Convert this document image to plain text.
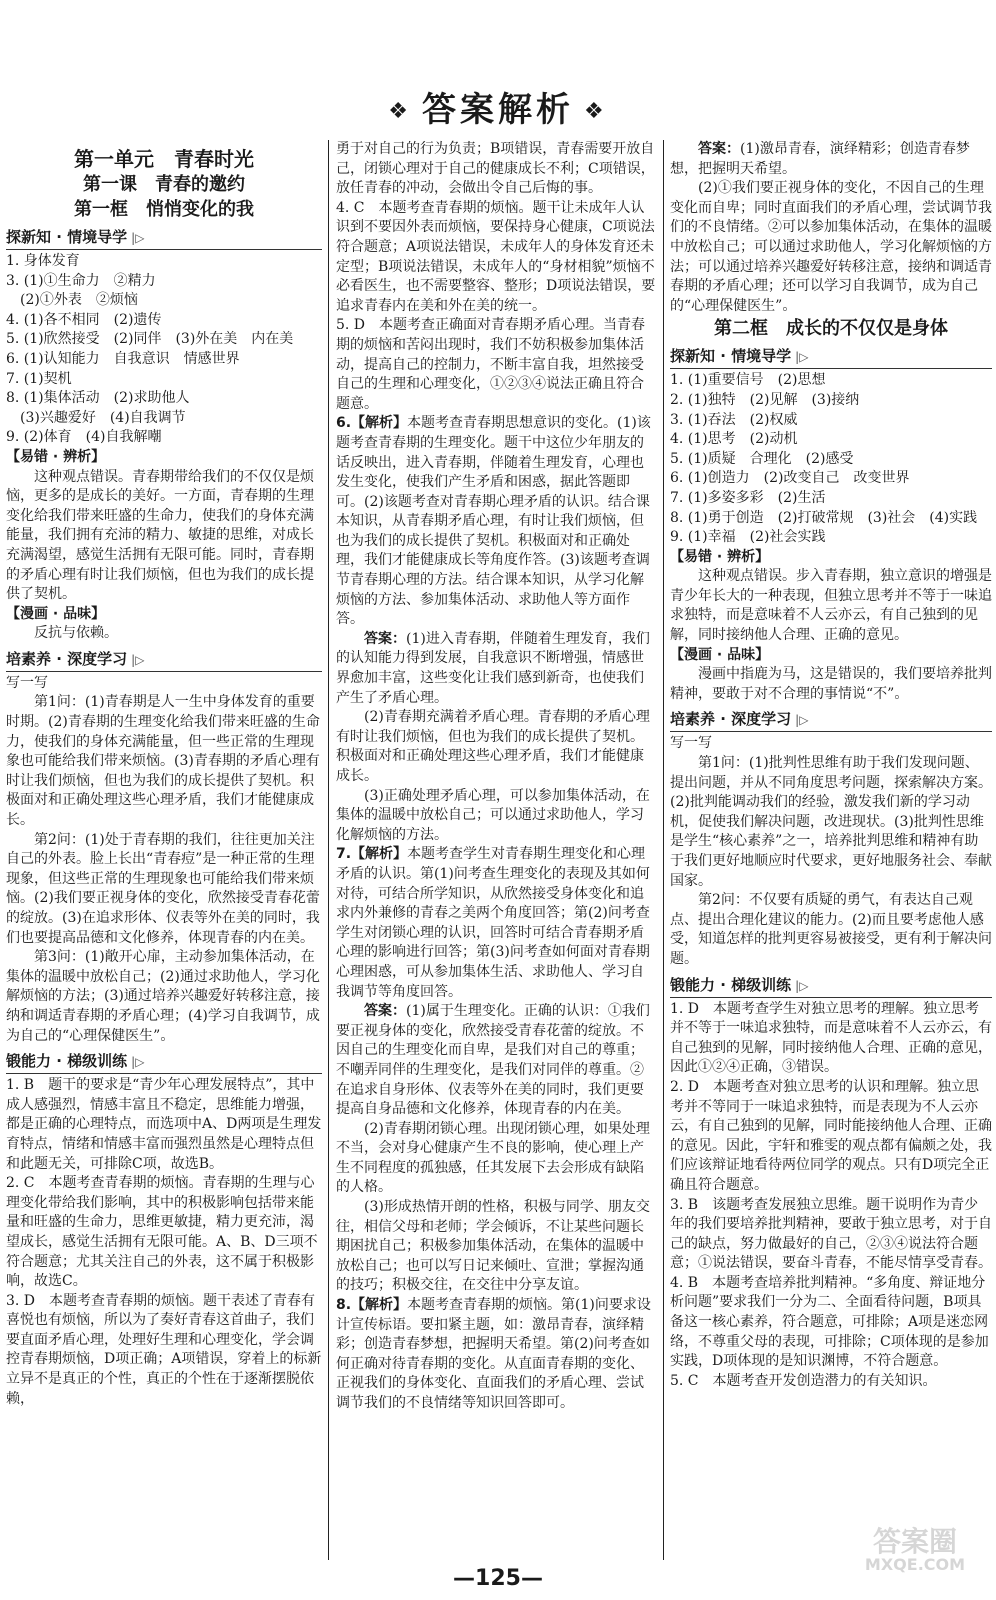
❖ 答案解析 ❖
第一单元　青春时光
第一课　青春的邀约
第一框　悄悄变化的我
探新知 · 情境导学 |▷
1. 身体发育
3. (1)①生命力　②精力
　(2)①外表　②烦恼
4. (1)各不相同　(2)遗传
5. (1)欣然接受　(2)同伴　(3)外在美　内在美
6. (1)认知能力　自我意识　情感世界
7. (1)契机
8. (1)集体活动　(2)求助他人
　(3)兴趣爱好　(4)自我调节
9. (2)体育　(4)自我解嘲
【易错 · 辨析】
这种观点错误。青春期带给我们的不仅仅是烦恼，更多的是成长的美好。一方面，青春期的生理变化给我们带来旺盛的生命力，使我们的身体充满能量，我们拥有充沛的精力、敏捷的思维，对成长充满渴望，感觉生活拥有无限可能。同时，青春期的矛盾心理有时让我们烦恼，但也为我们的成长提供了契机。
【漫画 · 品味】
反抗与依赖。
培素养 · 深度学习 |▷
写一写
第1问：(1)青春期是人一生中身体发育的重要时期。(2)青春期的生理变化给我们带来旺盛的生命力，使我们的身体充满能量，但一些正常的生理现象也可能给我们带来烦恼。(3)青春期的矛盾心理有时让我们烦恼，但也为我们的成长提供了契机。积极面对和正确处理这些心理矛盾，我们才能健康成长。
第2问：(1)处于青春期的我们，往往更加关注自己的外表。脸上长出“青春痘”是一种正常的生理现象，但这些正常的生理现象也可能给我们带来烦恼。(2)我们要正视身体的变化，欣然接受青春花蕾的绽放。(3)在追求形体、仪表等外在美的同时，我们也要提高品德和文化修养，体现青春的内在美。
第3问：(1)敞开心扉，主动参加集体活动，在集体的温暖中放松自己；(2)通过求助他人，学习化解烦恼的方法；(3)通过培养兴趣爱好转移注意，接纳和调适青春期的矛盾心理；(4)学习自我调节，成为自己的“心理保健医生”。
锻能力 · 梯级训练 |▷
1. B　题干的要求是“青少年心理发展特点”，其中成人感强烈，情感丰富且不稳定，思维能力增强，都是正确的心理特点，而选项中A、D两项是生理发育特点，情绪和情感丰富而强烈虽然是心理特点但和此题无关，可排除C项，故选B。
2. C　本题考查青春期的烦恼。青春期的生理与心理变化带给我们影响，其中的积极影响包括带来能量和旺盛的生命力，思维更敏捷，精力更充沛，渴望成长，感觉生活拥有无限可能。A、B、D三项不符合题意；尤其关注自己的外表，这不属于积极影响，故选C。
3. D　本题考查青春期的烦恼。题干表述了青春有喜悦也有烦恼，所以为了奏好青春这首曲子，我们要直面矛盾心理，处理好生理和心理变化，学会调控青春期烦恼，D项正确；A项错误，穿着上的标新立异不是真正的个性，真正的个性在于逐渐摆脱依赖，
勇于对自己的行为负责；B项错误，青春需要开放自己，闭锁心理对于自己的健康成长不利；C项错误，放任青春的冲动，会做出令自己后悔的事。
4. C　本题考查青春期的烦恼。题干让未成年人认识到不要因外表而烦恼，要保持身心健康，C项说法符合题意；A项说法错误，未成年人的身体发育还未定型；B项说法错误，未成年人的“身材相貌”烦恼不必看医生，也不需要整容、整形；D项说法错误，要追求青春内在美和外在美的统一。
5. D　本题考查正确面对青春期矛盾心理。当青春期的烦恼和苦闷出现时，我们不妨积极参加集体活动，提高自己的控制力，不断丰富自我，坦然接受自己的生理和心理变化，①②③④说法正确且符合题意。
6.【解析】本题考查青春期思想意识的变化。(1)该题考查青春期的生理变化。题干中这位少年朋友的话反映出，进入青春期，伴随着生理发育，心理也发生变化，使我们产生矛盾和困惑，据此答题即可。(2)该题考查对青春期心理矛盾的认识。结合课本知识，从青春期矛盾心理，有时让我们烦恼，但也为我们的成长提供了契机。积极面对和正确处理，我们才能健康成长等角度作答。(3)该题考查调节青春期心理的方法。结合课本知识，从学习化解烦恼的方法、参加集体活动、求助他人等方面作答。
答案：(1)进入青春期，伴随着生理发育，我们的认知能力得到发展，自我意识不断增强，情感世界愈加丰富，这些变化让我们感到新奇，也使我们产生了矛盾心理。
(2)青春期充满着矛盾心理。青春期的矛盾心理有时让我们烦恼，但也为我们的成长提供了契机。积极面对和正确处理这些心理矛盾，我们才能健康成长。
(3)正确处理矛盾心理，可以参加集体活动，在集体的温暖中放松自己；可以通过求助他人，学习化解烦恼的方法。
7.【解析】本题考查学生对青春期生理变化和心理矛盾的认识。第(1)问考查生理变化的表现及其如何对待，可结合所学知识，从欣然接受身体变化和追求内外兼修的青春之美两个角度回答；第(2)问考查学生对闭锁心理的认识，回答时可结合青春期矛盾心理的影响进行回答；第(3)问考查如何面对青春期心理困惑，可从参加集体生活、求助他人、学习自我调节等角度回答。
答案：(1)属于生理变化。正确的认识：①我们要正视身体的变化，欣然接受青春花蕾的绽放。不因自己的生理变化而自卑，是我们对自己的尊重；不嘲弄同伴的生理变化，是我们对同伴的尊重。②在追求自身形体、仪表等外在美的同时，我们更要提高自身品德和文化修养，体现青春的内在美。
(2)青春期闭锁心理。出现闭锁心理，如果处理不当，会对身心健康产生不良的影响，使心理上产生不同程度的孤独感，任其发展下去会形成有缺陷的人格。
(3)形成热情开朗的性格，积极与同学、朋友交往，相信父母和老师；学会倾诉，不让某些问题长期困扰自己；积极参加集体活动，在集体的温暖中放松自己；也可以写日记来倾吐、宣泄；掌握沟通的技巧；积极交往，在交往中分享友谊。
8.【解析】本题考查青春期的烦恼。第(1)问要求设计宣传标语。要扣紧主题，如：激昂青春，演绎精彩；创造青春梦想，把握明天希望。第(2)问考查如何正确对待青春期的变化。从直面青春期的变化、正视我们的身体变化、直面我们的矛盾心理、尝试调节我们的不良情绪等知识回答即可。
答案：(1)激昂青春，演绎精彩；创造青春梦想，把握明天希望。
(2)①我们要正视身体的变化，不因自己的生理变化而自卑；同时直面我们的矛盾心理，尝试调节我们的不良情绪。②可以参加集体活动，在集体的温暖中放松自己；可以通过求助他人，学习化解烦恼的方法；可以通过培养兴趣爱好转移注意，接纳和调适青春期的矛盾心理；还可以学习自我调节，成为自己的“心理保健医生”。
第二框　成长的不仅仅是身体
探新知 · 情境导学 |▷
1. (1)重要信号　(2)思想
2. (1)独特　(2)见解　(3)接纳
3. (1)吞法　(2)权威
4. (1)思考　(2)动机
5. (1)质疑　合理化　(2)感受
6. (1)创造力　(2)改变自己　改变世界
7. (1)多姿多彩　(2)生活
8. (1)勇于创造　(2)打破常规　(3)社会　(4)实践
9. (1)幸福　(2)社会实践
【易错 · 辨析】
这种观点错误。步入青春期，独立意识的增强是青少年长大的一种表现，但独立思考并不等于一味追求独特，而是意味着不人云亦云，有自己独到的见解，同时接纳他人合理、正确的意见。
【漫画 · 品味】
漫画中指鹿为马，这是错误的，我们要培养批判精神，要敢于对不合理的事情说“不”。
培素养 · 深度学习 |▷
写一写
第1问：(1)批判性思维有助于我们发现问题、提出问题，并从不同角度思考问题，探索解决方案。(2)批判能调动我们的经验，激发我们新的学习动机，促使我们解决问题，改进现状。(3)批判性思维是学生“核心素养”之一，培养批判思维和精神有助于我们更好地顺应时代要求，更好地服务社会、奉献国家。
第2问：不仅要有质疑的勇气，有表达自己观点、提出合理化建议的能力。(2)而且要考虑他人感受，知道怎样的批判更容易被接受，更有利于解决问题。
锻能力 · 梯级训练 |▷
1. D　本题考查学生对独立思考的理解。独立思考并不等于一味追求独特，而是意味着不人云亦云，有自己独到的见解，同时接纳他人合理、正确的意见，因此①②④正确，③错误。
2. D　本题考查对独立思考的认识和理解。独立思考并不等同于一味追求独特，而是表现为不人云亦云，有自己独到的见解，同时能接纳他人合理、正确的意见。因此，宇轩和雅雯的观点都有偏颇之处，我们应该辩证地看待两位同学的观点。只有D项完全正确且符合题意。
3. B　该题考查发展独立思维。题干说明作为青少年的我们要培养批判精神，要敢于独立思考，对于自己的缺点，努力做最好的自己，②③④说法符合题意；①说法错误，要奋斗青春，不能尽情享受青春。
4. B　本题考查培养批判精神。“多角度、辩证地分析问题”要求我们一分为二、全面看待问题，B项具备这一核心素养，符合题意，可排除；A项是迷恋网络，不尊重父母的表现，可排除；C项体现的是参加实践，D项体现的是知识渊博，不符合题意。
5. C　本题考查开发创造潜力的有关知识。
—125—
答案圈
MXQE.COM
